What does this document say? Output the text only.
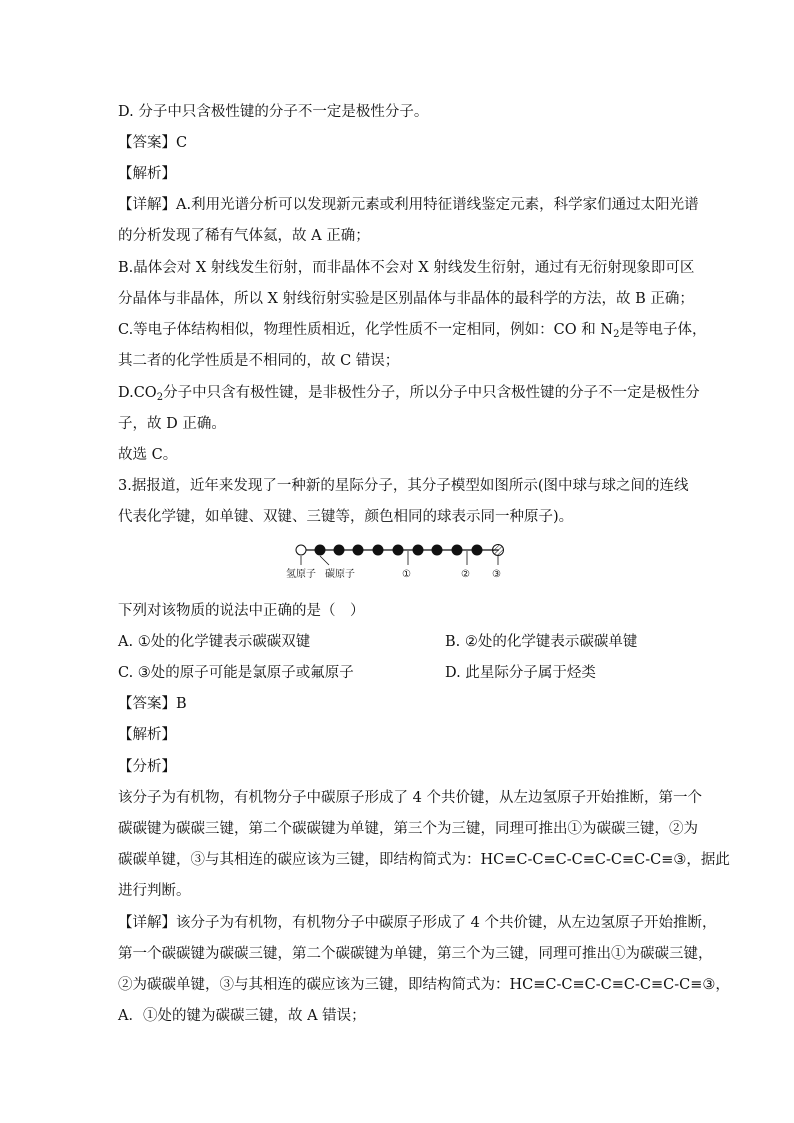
D. 分子中只含极性键的分子不一定是极性分子。
【答案】C
【解析】
【详解】A.利用光谱分析可以发现新元素或利用特征谱线鉴定元素，科学家们通过太阳光谱
的分析发现了稀有气体氦，故 A 正确；
B.晶体会对 X 射线发生衍射，而非晶体不会对 X 射线发生衍射，通过有无衍射现象即可区
分晶体与非晶体，所以 X 射线衍射实验是区别晶体与非晶体的最科学的方法，故 B 正确；
C.等电子体结构相似，物理性质相近，化学性质不一定相同，例如：CO 和 $N_2$是等电子体，
其二者的化学性质是不相同的，故 C 错误；
$D.CO_2$分子中只含有极性键，是非极性分子，所以分子中只含极性键的分子不一定是极性分
子，故 D 正确。
故选 C。
3.据报道，近年来发现了一种新的星际分子，其分子模型如图所示(图中球与球之间的连线
代表化学键，如单键、双键、三键等，颜色相同的球表示同一种原子)。
氢原子 碳原子	①	② ③
下列对该物质的说法中正确的是（　）
A. ①处的化学键表示碳碳双键	B. ②处的化学键表示碳碳单键
C. ③处的原子可能是氯原子或氟原子	D. 此星际分子属于烃类
【答案】B
【解析】
【分析】
该分子为有机物，有机物分子中碳原子形成了 4 个共价键，从左边氢原子开始推断，第一个
碳碳键为碳碳三键，第二个碳碳键为单键，第三个为三键，同理可推出①为碳碳三键，②为
碳碳单键，③与其相连的碳应该为三键，即结构简式为：HC≡C-C≡C-C≡C-C≡C-C≡③，据此
进行判断。
【详解】该分子为有机物，有机物分子中碳原子形成了 4 个共价键，从左边氢原子开始推断，
第一个碳碳键为碳碳三键，第二个碳碳键为单键，第三个为三键，同理可推出①为碳碳三键，
②为碳碳单键，③与其相连的碳应该为三键，即结构简式为：HC≡C-C≡C-C≡C-C≡C-C≡③，
A．①处的键为碳碳三键，故 A 错误；
